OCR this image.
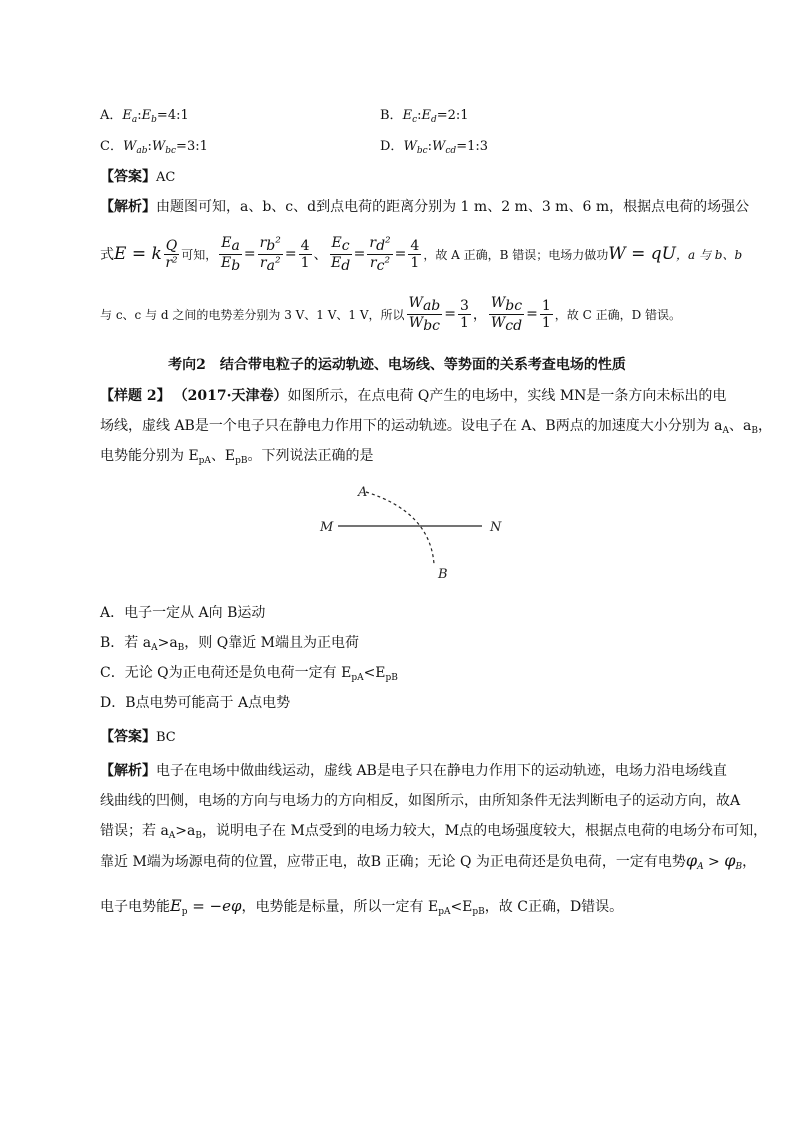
A．$E_a:E_b=4:1$	B．$E_c:E_d=2:1$
C．$W_{ab}:W_{bc}=3:1$	D．$W_{bc}:W_{cd}=1:3$
【答案】AC
【解析】由题图可知，a、b、c、d到点电荷的距离分别为 1 m、2 m、3 m、6 m，根据点电荷的场强公
式 E = k $\frac{Q}{\text{r²}}$ 可知， $\frac{Ea}{Eb} = \frac{\text{rb²}}{\text{ra²}} = \frac{4}{1}$ 、 $\frac{Ec}{Ed} = \frac{\text{rd²}}{\text{rc²}} = \frac{4}{1}$ ，故 A 正确，B 错误；电场力做功 W = qU ，a 与 b、b
与 c、c 与 d 之间的电势差分别为 3 V、1 V、1 V，所以 $\frac{\text{Wab}}{\text{Wbc}} = \frac{3}{1}$ ， $\frac{\text{Wbc}}{\text{Wcd}} = \frac{1}{1}$ ，故 C 正确，D 错误。
考向2　结合带电粒子的运动轨迹、电场线、等势面的关系考查电场的性质
【样题 2】 （2017·天津卷）如图所示，在点电荷 Q产生的电场中，实线 MN是一条方向未标出的电
场线，虚线 AB是一个电子只在静电力作用下的运动轨迹。设电子在 A、B两点的加速度大小分别为 $a_A$、$a_B$，
电势能分别为 $E_{pA}$、$E_{pB}$。下列说法正确的是
A
B
M	N
A．电子一定从 A向 B运动
B．若 $a_A>a_B$，则 Q靠近 M端且为正电荷
C．无论 Q为正电荷还是负电荷一定有 $E_{pA}<E_{pB}$
D．B点电势可能高于 A点电势
【答案】BC
【解析】电子在电场中做曲线运动，虚线 AB是电子只在静电力作用下的运动轨迹，电场力沿电场线直
线曲线的凹侧，电场的方向与电场力的方向相反，如图所示，由所知条件无法判断电子的运动方向，故A
错误；若 $a_A>a_B$，说明电子在 M点受到的电场力较大，M点的电场强度较大，根据点电荷的电场分布可知，
靠近 M端为场源电荷的位置，应带正电，故B 正确；无论 Q 为正电荷还是负电荷，一定有电势$\varphi_A > \varphi_B$，
电子电势能$E_p = -e\varphi$，电势能是标量，所以一定有 $E_{pA}<E_{pB}$，故 C正确，D错误。
